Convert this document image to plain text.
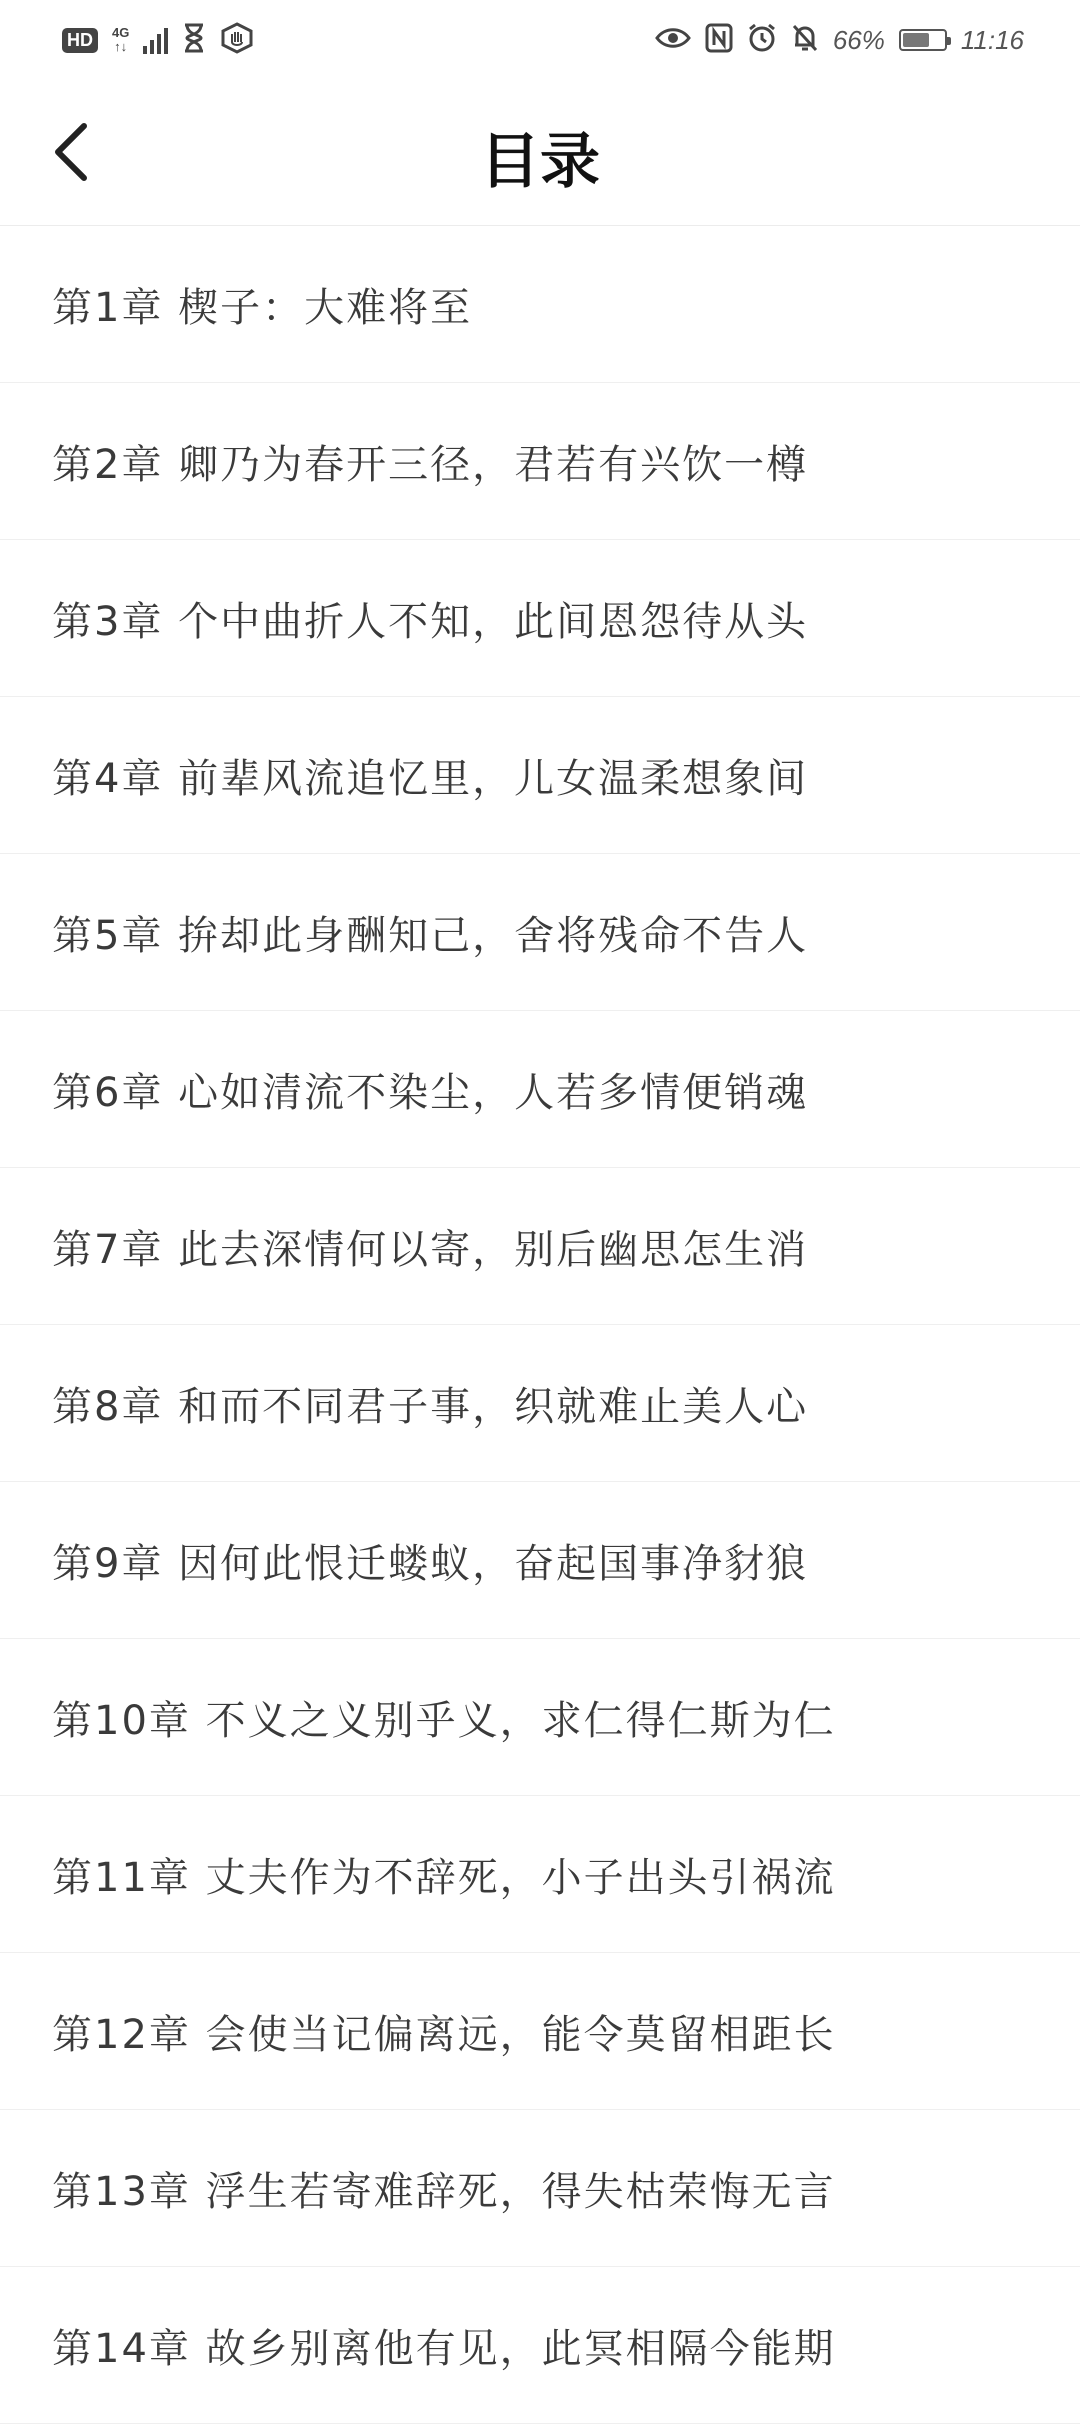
HD	4G
↑↓	66%	11:16
目录
第1章 楔子：大难将至
第2章 卿乃为春开三径，君若有兴饮一樽
第3章 个中曲折人不知，此间恩怨待从头
第4章 前辈风流追忆里，儿女温柔想象间
第5章 拚却此身酬知己，舍将残命不告人
第6章 心如清流不染尘，人若多情便销魂
第7章 此去深情何以寄，别后幽思怎生消
第8章 和而不同君子事，织就难止美人心
第9章 因何此恨迁蝼蚁，奋起国事净豺狼
第10章 不义之义别乎义，求仁得仁斯为仁
第11章 丈夫作为不辞死，小子出头引祸流
第12章 会使当记偏离远，能令莫留相距长
第13章 浮生若寄难辞死，得失枯荣悔无言
第14章 故乡别离他有见，此冥相隔今能期
